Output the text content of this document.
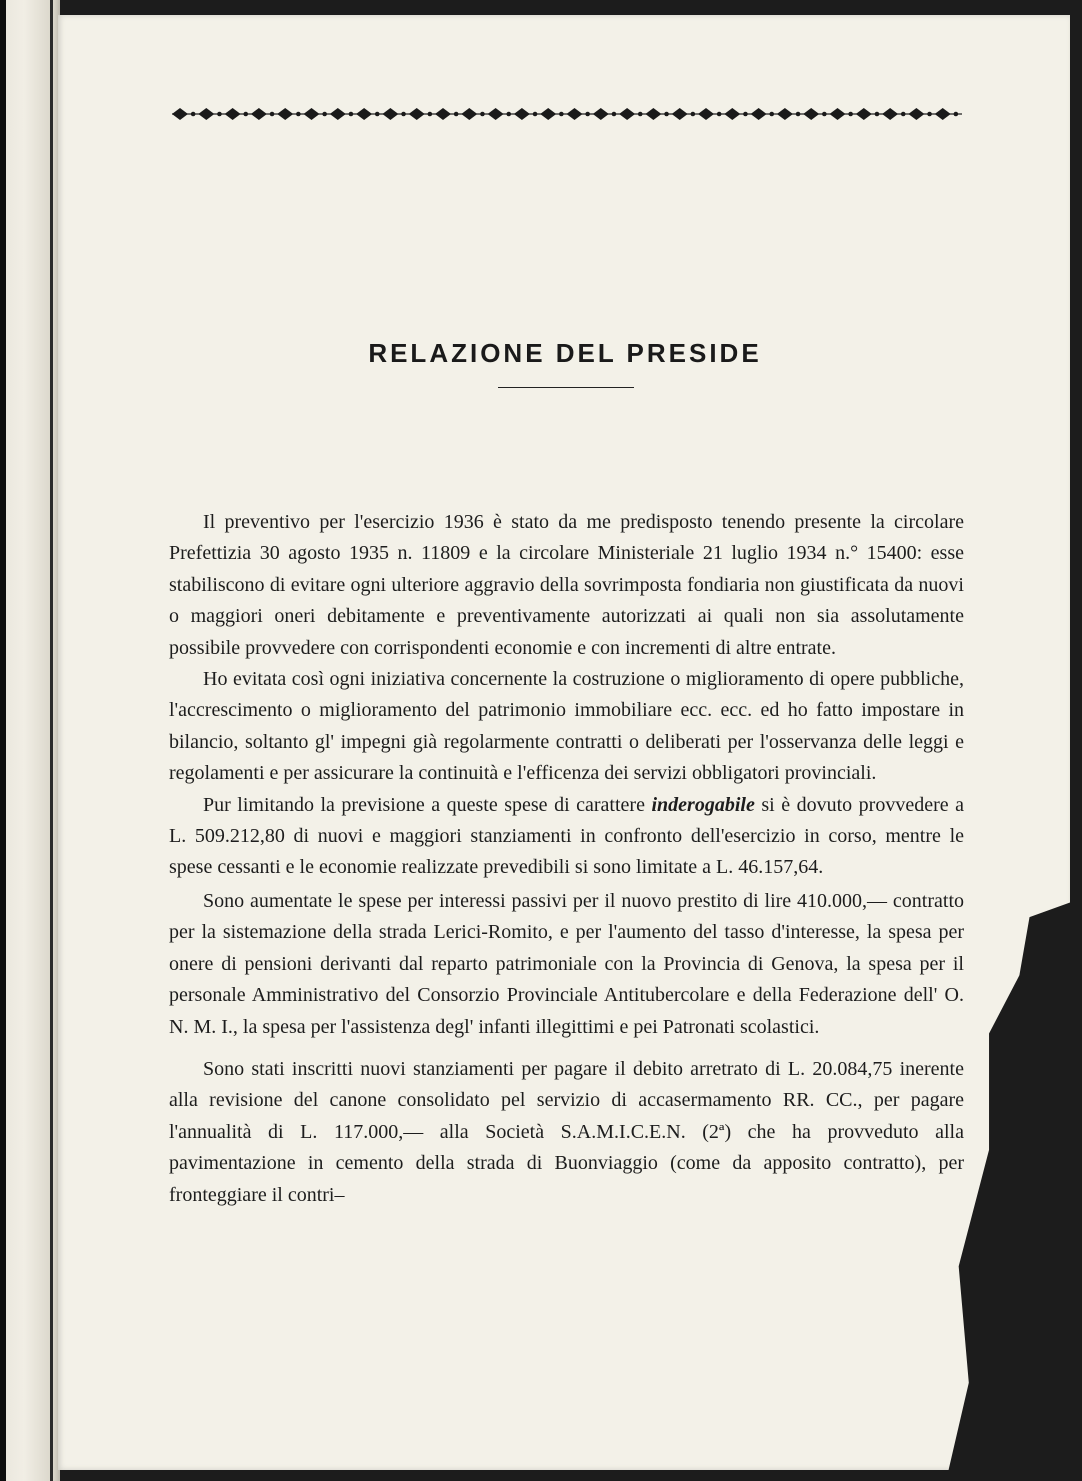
RELAZIONE DEL PRESIDE

Il preventivo per l'esercizio 1936 è stato da me predisposto tenendo presente la circolare Prefettizia 30 agosto 1935 n. 11809 e la circolare Ministeriale 21 luglio 1934 n.° 15400: esse stabiliscono di evitare ogni ulteriore aggravio della sovrimposta fondiaria non giustificata da nuovi o maggiori oneri debitamente e preventivamente autorizzati ai quali non sia assolutamente possibile provvedere con corrispondenti economie e con incrementi di altre entrate.

Ho evitata così ogni iniziativa concernente la costruzione o miglioramento di opere pubbliche, l'accrescimento o miglioramento del patrimonio immobiliare ecc. ecc. ed ho fatto impostare in bilancio, soltanto gl' impegni già regolarmente contratti o deliberati per l'osservanza delle leggi e regolamenti e per assicurare la continuità e l'efficenza dei servizi obbligatori provinciali.

Pur limitando la previsione a queste spese di carattere inderogabile si è dovuto provvedere a L. 509.212,80 di nuovi e maggiori stanziamenti in confronto dell'esercizio in corso, mentre le spese cessanti e le economie realizzate prevedibili si sono limitate a L. 46.157,64.

Sono aumentate le spese per interessi passivi per il nuovo prestito di lire 410.000,— contratto per la sistemazione della strada Lerici-Romito, e per l'aumento del tasso d'interesse, la spesa per onere di pensioni derivanti dal reparto patrimoniale con la Provincia di Genova, la spesa per il personale Amministrativo del Consorzio Provinciale Antitubercolare e della Federazione dell' O. N. M. I., la spesa per l'assistenza degl' infanti illegittimi e pei Patronati scolastici.

Sono stati inscritti nuovi stanziamenti per pagare il debito arretrato di L. 20.084,75 inerente alla revisione del canone consolidato pel servizio di accasermamento RR. CC., per pagare l'annualità di L. 117.000,— alla Società S.A.M.I.C.E.N. (2ª) che ha provveduto alla pavimentazione in cemento della strada di Buonviaggio (come da apposito contratto), per fronteggiare il contri–
